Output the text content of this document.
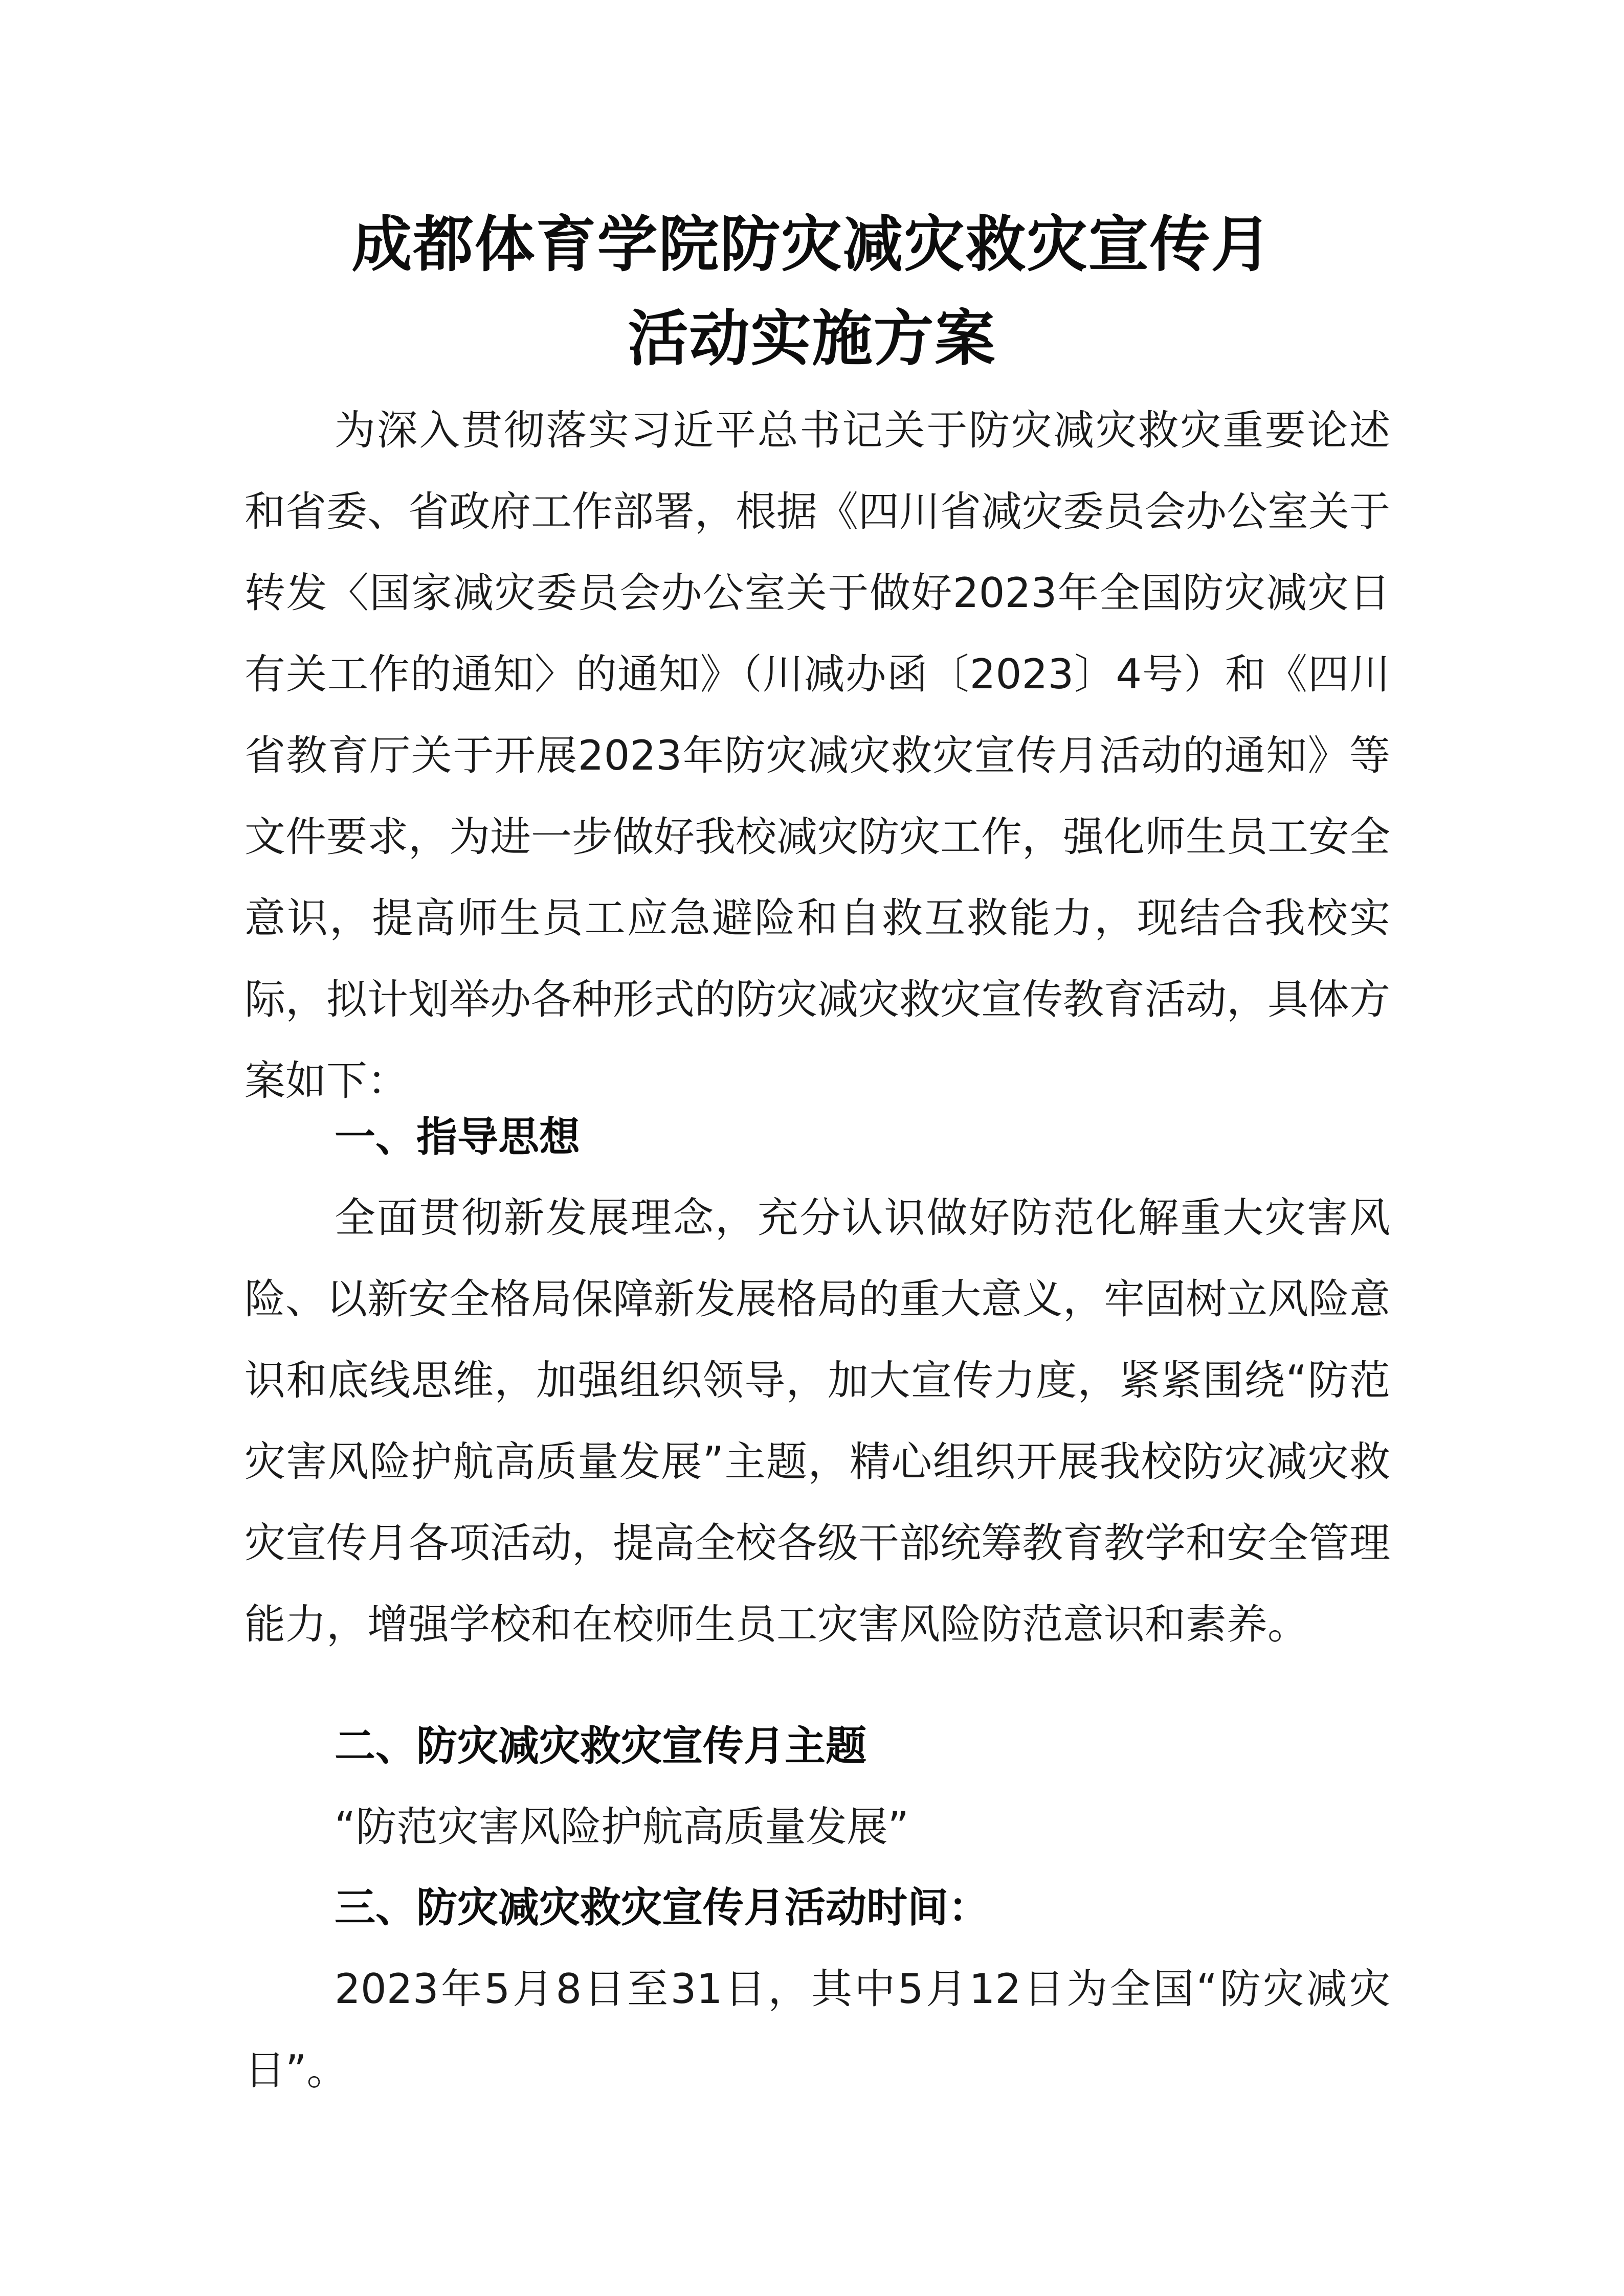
成都体育学院防灾减灾救灾宣传月
活动实施方案

为深入贯彻落实习近平总书记关于防灾减灾救灾重要论述和省委、省政府工作部署，根据《四川省减灾委员会办公室关于转发〈国家减灾委员会办公室关于做好2023年全国防灾减灾日有关工作的通知〉的通知》（川减办函〔2023〕4号）和《四川省教育厅关于开展2023年防灾减灾救灾宣传月活动的通知》等文件要求，为进一步做好我校减灾防灾工作，强化师生员工安全意识，提高师生员工应急避险和自救互救能力，现结合我校实际，拟计划举办各种形式的防灾减灾救灾宣传教育活动，具体方案如下：

一、指导思想

全面贯彻新发展理念，充分认识做好防范化解重大灾害风险、以新安全格局保障新发展格局的重大意义，牢固树立风险意识和底线思维，加强组织领导，加大宣传力度，紧紧围绕“防范灾害风险护航高质量发展”主题，精心组织开展我校防灾减灾救灾宣传月各项活动，提高全校各级干部统筹教育教学和安全管理能力，增强学校和在校师生员工灾害风险防范意识和素养。

二、防灾减灾救灾宣传月主题

“防范灾害风险护航高质量发展”

三、防灾减灾救灾宣传月活动时间：

2023年5月8日至31日，其中5月12日为全国“防灾减灾日”。
